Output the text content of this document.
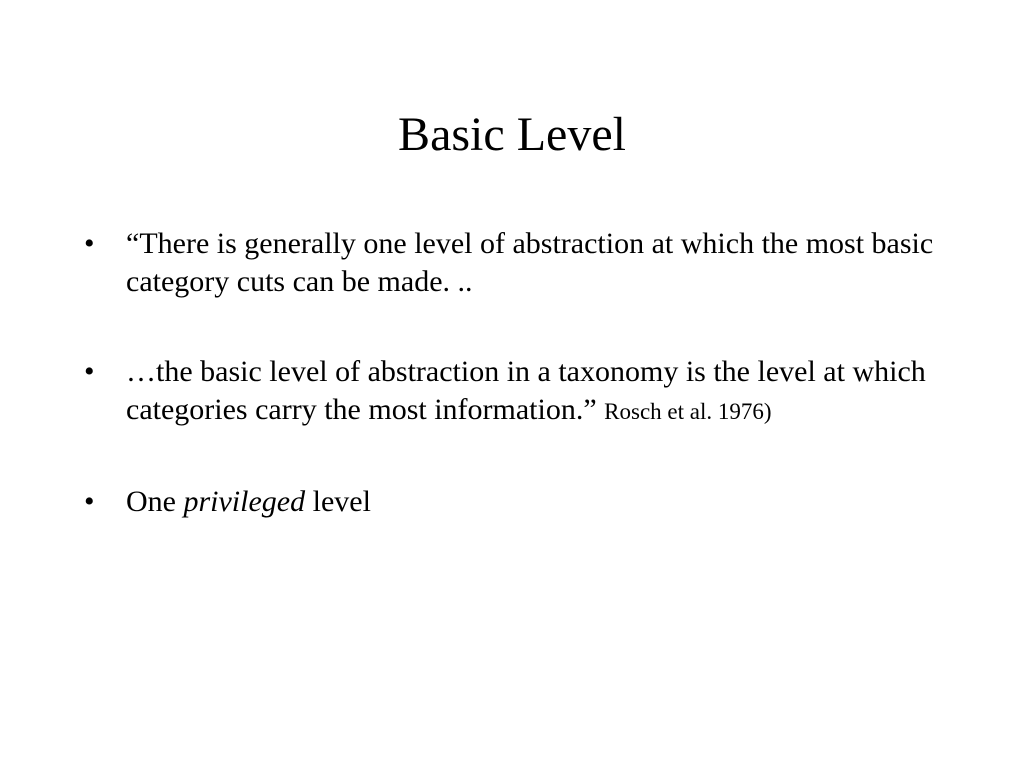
Basic Level
•	“There is generally one level of abstraction at which the most basic category cuts can be made. ..
•	…the basic level of abstraction in a taxonomy is the level at which categories carry the most information.” Rosch et al. 1976)
•	One privileged level
